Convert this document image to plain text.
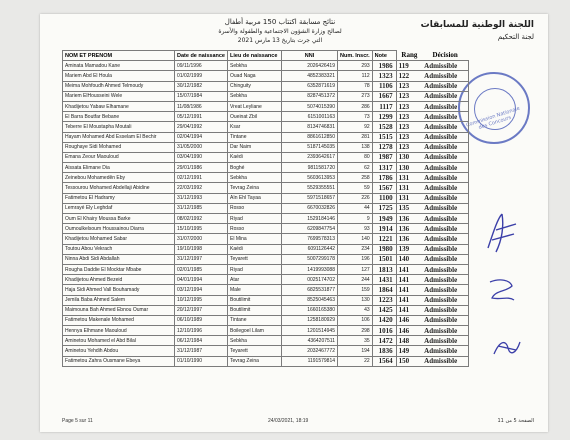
اللجنة الوطنية للمسابقات
لجنة التحكيم
نتائج مسابقة اكتتاب 150 مربية أطفال
لصالح وزارة الشؤون الاجتماعية والطفولة والأسرة
التي جرت بتاريخ 13 مارس 2021
Commission Nationale des Concours
NOM ET PRENOM	Date de naissance	Lieu de naissance	NNI	Num. Inscr.	Note	Rang	Décision
Aminata Mamadou Kane	09/11/1996	Sebkha	2026426419	293	1986	119	Admissible
Mariem Abd El Houla	01/02/1999	Ouad Naga	4852383321	112	1323	122	Admissible
Meima Mohfoudh Ahmed Telmoudy	30/12/1982	Chinguity	6352871619	78	1106	123	Admissible
Mariem ElHousseini Wele	15/07/1984	Sebkha	8287451372	273	1667	123	Admissible
Khadijetou Yabaw Elhamane	11/08/1986	Vreat Leyliane	5074015390	286	1117	123	Admissible
El Barra Boutfar Bebane	05/12/1991	Oueinat Zbil	6151001163	73	1299	123	Admissible
Teberre El Moustapha Moutali	29/04/1992	Ksar	8134746831	92	1528	123	Admissible
Hayam Mohamed Abd Esselam El Bechir	02/04/1994	Tintane	8861612850	281	1515	123	Admissible
Roughaye Sidi Mohamed	31/05/2000	Dar Naim	5187145035	138	1278	123	Admissible
Emana Zeour Maouloud	03/04/1990	Kaédi	2393642617	80	1987	130	Admissible
Aissata Elimane Dia	29/01/1986	Boghé	9811581720	62	1317	130	Admissible
Zeinebou Mohamedên Eby	02/12/1991	Sebkha	5603613953	258	1786	131	Admissible
Tessourou Mohamed Abdellaji Abidine	22/03/1992	Tevrag Zeina	5529355551	59	1567	131	Admissible
Fatimetou El Hadramy	31/12/1993	Aïn Ehl Tayaa	5971518657	226	1100	131	Admissible
Lemrayé Ely Leghdaf	31/12/1985	Rosso	6670032826	44	1725	135	Admissible
Oum El Khairy Moussa Barke	08/02/1992	Riyad	1529184146	9	1949	136	Admissible
Oumoulkelsoum Houssainou Diarra	15/10/1995	Rosso	6209847754	93	1914	136	Admissible
Khadijetou Mohamed Sabar	31/07/2000	El Mina	7699578313	140	1221	136	Admissible
Toutou Abou Vekrach	19/10/1998	Kaédi	6091126442	234	1980	139	Admissible
Ninna Abdi Sidi Abdallah	31/12/1997	Teyarett	5007299178	196	1501	140	Admissible
Rougha Daddie El Mocktar Mbabe	02/01/1985	Riyad	1419993088	127	1813	141	Admissible
Khadijetou Ahmed Bezeid	04/01/1994	Atar	0025174702	244	1431	141	Admissible
Haja Sidi Ahmed Vall Bouhamady	03/12/1994	Male	6825531877	159	1864	141	Admissible
Jemila Baba Ahmed Salem	10/12/1995	Boutilimit	8525045463	130	1223	141	Admissible
Maimouna Bah Ahmed Ebnou Oumar	20/12/1997	Boutilimit	1660165380	43	1425	141	Admissible
Fatimetou Makenale Mohamed	06/10/1989	Tintane	1258180929	106	1420	146	Admissible
Hennya Elhmane Maouloud	12/10/1996	Boilegoel Lilam	1201514945	298	1016	146	Admissible
Aminetou Mohamed el Abd Bilal	06/12/1984	Sebkha	4364207511	35	1472	148	Admissible
Aminetou Yehdih Abdou	31/12/1987	Teyarett	2032467772	194	1836	149	Admissible
Fatimetou Zahra Ousmane Ebeya	01/10/1990	Tevrag Zeina	1191579814	22	1564	150	Admissible
Page 5 sur 11	24/03/2021, 18:19	الصفحة 5 من 11
